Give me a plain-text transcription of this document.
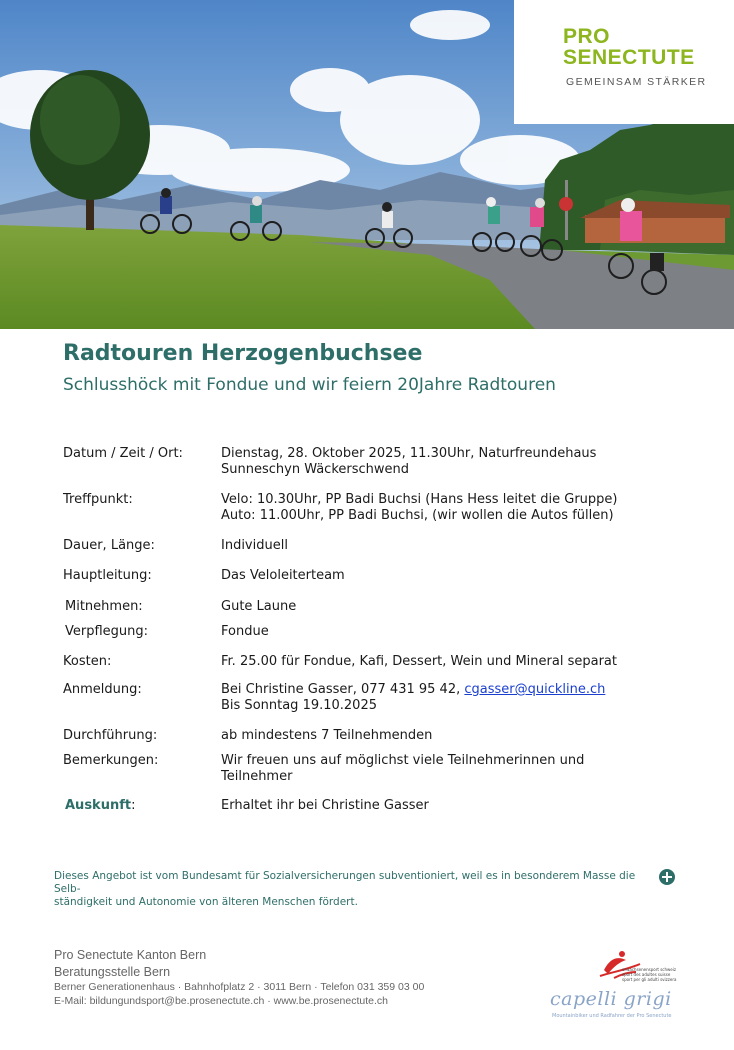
PRO
SENECTUTE
GEMEINSAM STÄRKER
Radtouren Herzogenbuchsee
Schlusshöck mit Fondue und wir feiern 20Jahre Radtouren
Datum / Zeit / Ort:	Dienstag, 28. Oktober 2025, 11.30Uhr, Naturfreundehaus
Sunneschyn Wäckerschwend
Treffpunkt:	Velo: 10.30Uhr, PP Badi Buchsi (Hans Hess leitet die Gruppe)
Auto: 11.00Uhr, PP Badi Buchsi, (wir wollen die Autos füllen)
Dauer, Länge:	Individuell
Hauptleitung:	Das Veloleiterteam
Mitnehmen:	Gute Laune
Verpflegung:	Fondue
Kosten:	Fr. 25.00 für Fondue, Kafi, Dessert, Wein und Mineral separat
Anmeldung:	Bei Christine Gasser, 077 431 95 42, cgasser@quickline.ch
Bis Sonntag 19.10.2025
Durchführung:	ab mindestens 7 Teilnehmenden
Bemerkungen:	Wir freuen uns auf möglichst viele Teilnehmerinnen und
Teilnehmer
Auskunft:	Erhaltet ihr bei Christine Gasser
Dieses Angebot ist vom Bundesamt für Sozialversicherungen subventioniert, weil es in besonderem Masse die Selb-
ständigkeit und Autonomie von älteren Menschen fördert.
Pro Senectute Kanton Bern
Beratungsstelle Bern
Berner Generationenhaus · Bahnhofplatz 2 · 3011 Bern · Telefon 031 359 03 00
E-Mail: bildungundsport@be.prosenectute.ch · www.be.prosenectute.ch
erwachsenensport schweiz
sport des adultes suisse
sport per gli adulti svizzera
capelli grigi
Mountainbiker und Radfahrer der Pro Senectute
